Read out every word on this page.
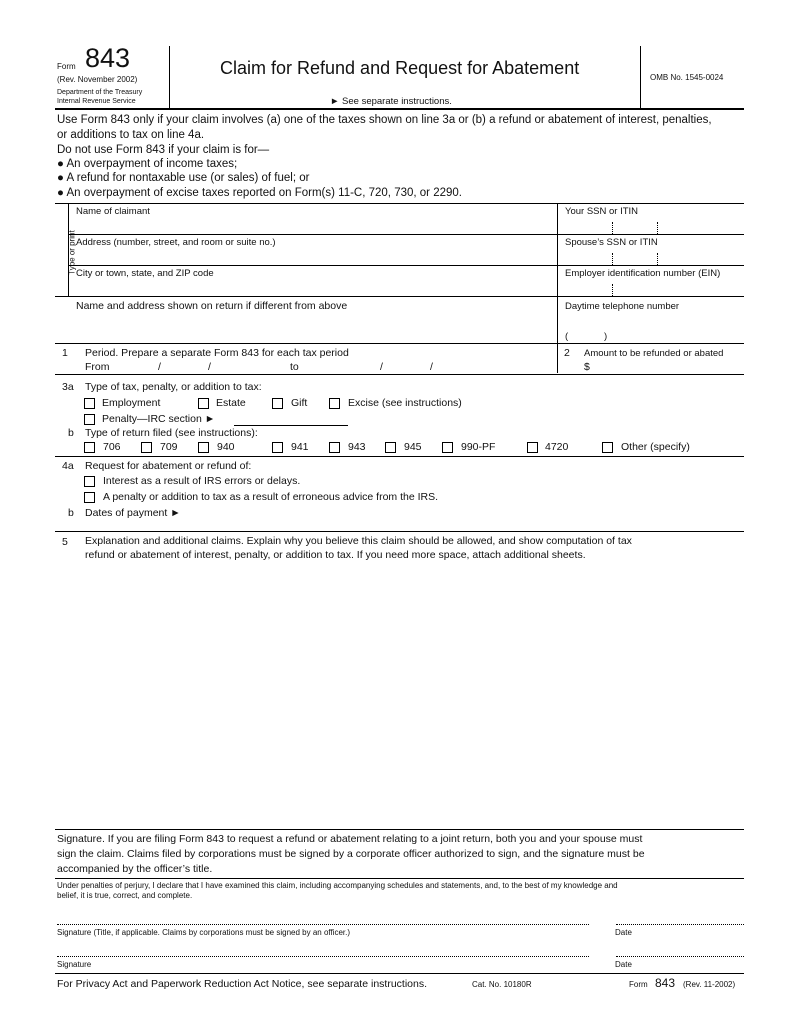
Form 843
(Rev. November 2002)
Department of the Treasury
Internal Revenue Service
Claim for Refund and Request for Abatement
► See separate instructions.
OMB No. 1545-0024
Use Form 843 only if your claim involves (a) one of the taxes shown on line 3a or (b) a refund or abatement of interest, penalties,
or additions to tax on line 4a.
Do not use Form 843 if your claim is for—
● An overpayment of income taxes;
● A refund for nontaxable use (or sales) of fuel; or
● An overpayment of excise taxes reported on Form(s) 11-C, 720, 730, or 2290.
Type or print
Name of claimant	Your SSN or ITIN
Address (number, street, and room or suite no.)	Spouse’s SSN or ITIN
City or town, state, and ZIP code	Employer identification number (EIN)
Name and address shown on return if different from above	Daytime telephone number
(	)
1 Period. Prepare a separate Form 843 for each tax period
From	/	/	to	/	/
2 Amount to be refunded or abated
$
3a Type of tax, penalty, or addition to tax:
Employment	Estate	Gift	Excise (see instructions)
Penalty—IRC section ►
b Type of return filed (see instructions):
706	709	940	941	943	945	990-PF	4720	Other (specify)
4a Request for abatement or refund of:
Interest as a result of IRS errors or delays.
A penalty or addition to tax as a result of erroneous advice from the IRS.
b Dates of payment ►
5 Explanation and additional claims. Explain why you believe this claim should be allowed, and show computation of tax
refund or abatement of interest, penalty, or addition to tax. If you need more space, attach additional sheets.
Signature. If you are filing Form 843 to request a refund or abatement relating to a joint return, both you and your spouse must
sign the claim. Claims filed by corporations must be signed by a corporate officer authorized to sign, and the signature must be
accompanied by the officer’s title.
Under penalties of perjury, I declare that I have examined this claim, including accompanying schedules and statements, and, to the best of my knowledge and
belief, it is true, correct, and complete.
Signature (Title, if applicable. Claims by corporations must be signed by an officer.)	Date
Signature	Date
For Privacy Act and Paperwork Reduction Act Notice, see separate instructions.	Cat. No. 10180R	Form 843 (Rev. 11-2002)
